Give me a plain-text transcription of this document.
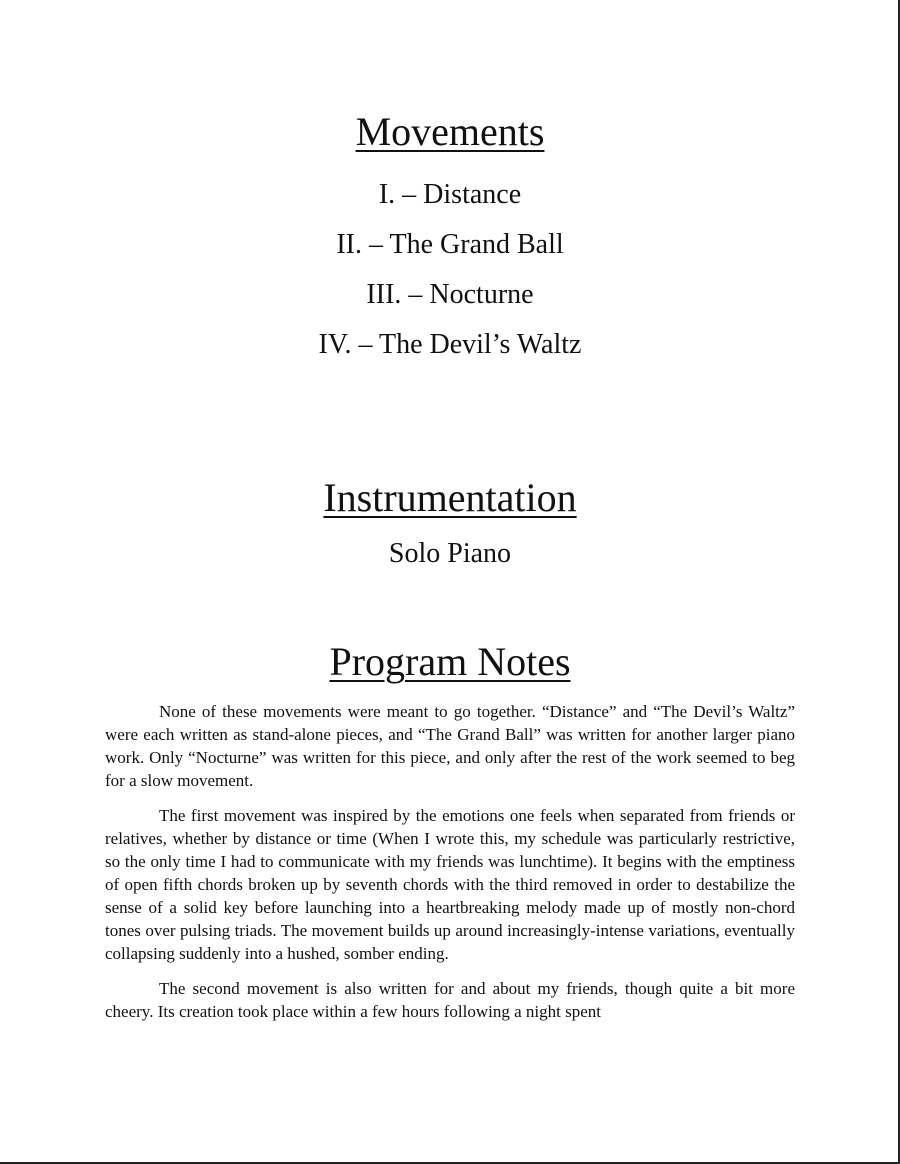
Movements
I. – Distance
II. – The Grand Ball
III. – Nocturne
IV. – The Devil’s Waltz
Instrumentation
Solo Piano
Program Notes

None of these movements were meant to go together. “Distance” and “The Devil’s Waltz” were each written as stand-alone pieces, and “The Grand Ball” was written for another larger piano work. Only “Nocturne” was written for this piece, and only after the rest of the work seemed to beg for a slow movement.

The first movement was inspired by the emotions one feels when separated from friends or relatives, whether by distance or time (When I wrote this, my schedule was particularly restrictive, so the only time I had to communicate with my friends was lunchtime). It begins with the emptiness of open fifth chords broken up by seventh chords with the third removed in order to destabilize the sense of a solid key before launching into a heartbreaking melody made up of mostly non-chord tones over pulsing triads. The movement builds up around increasingly-intense variations, eventually collapsing suddenly into a hushed, somber ending.

The second movement is also written for and about my friends, though quite a bit more cheery. Its creation took place within a few hours following a night spent
